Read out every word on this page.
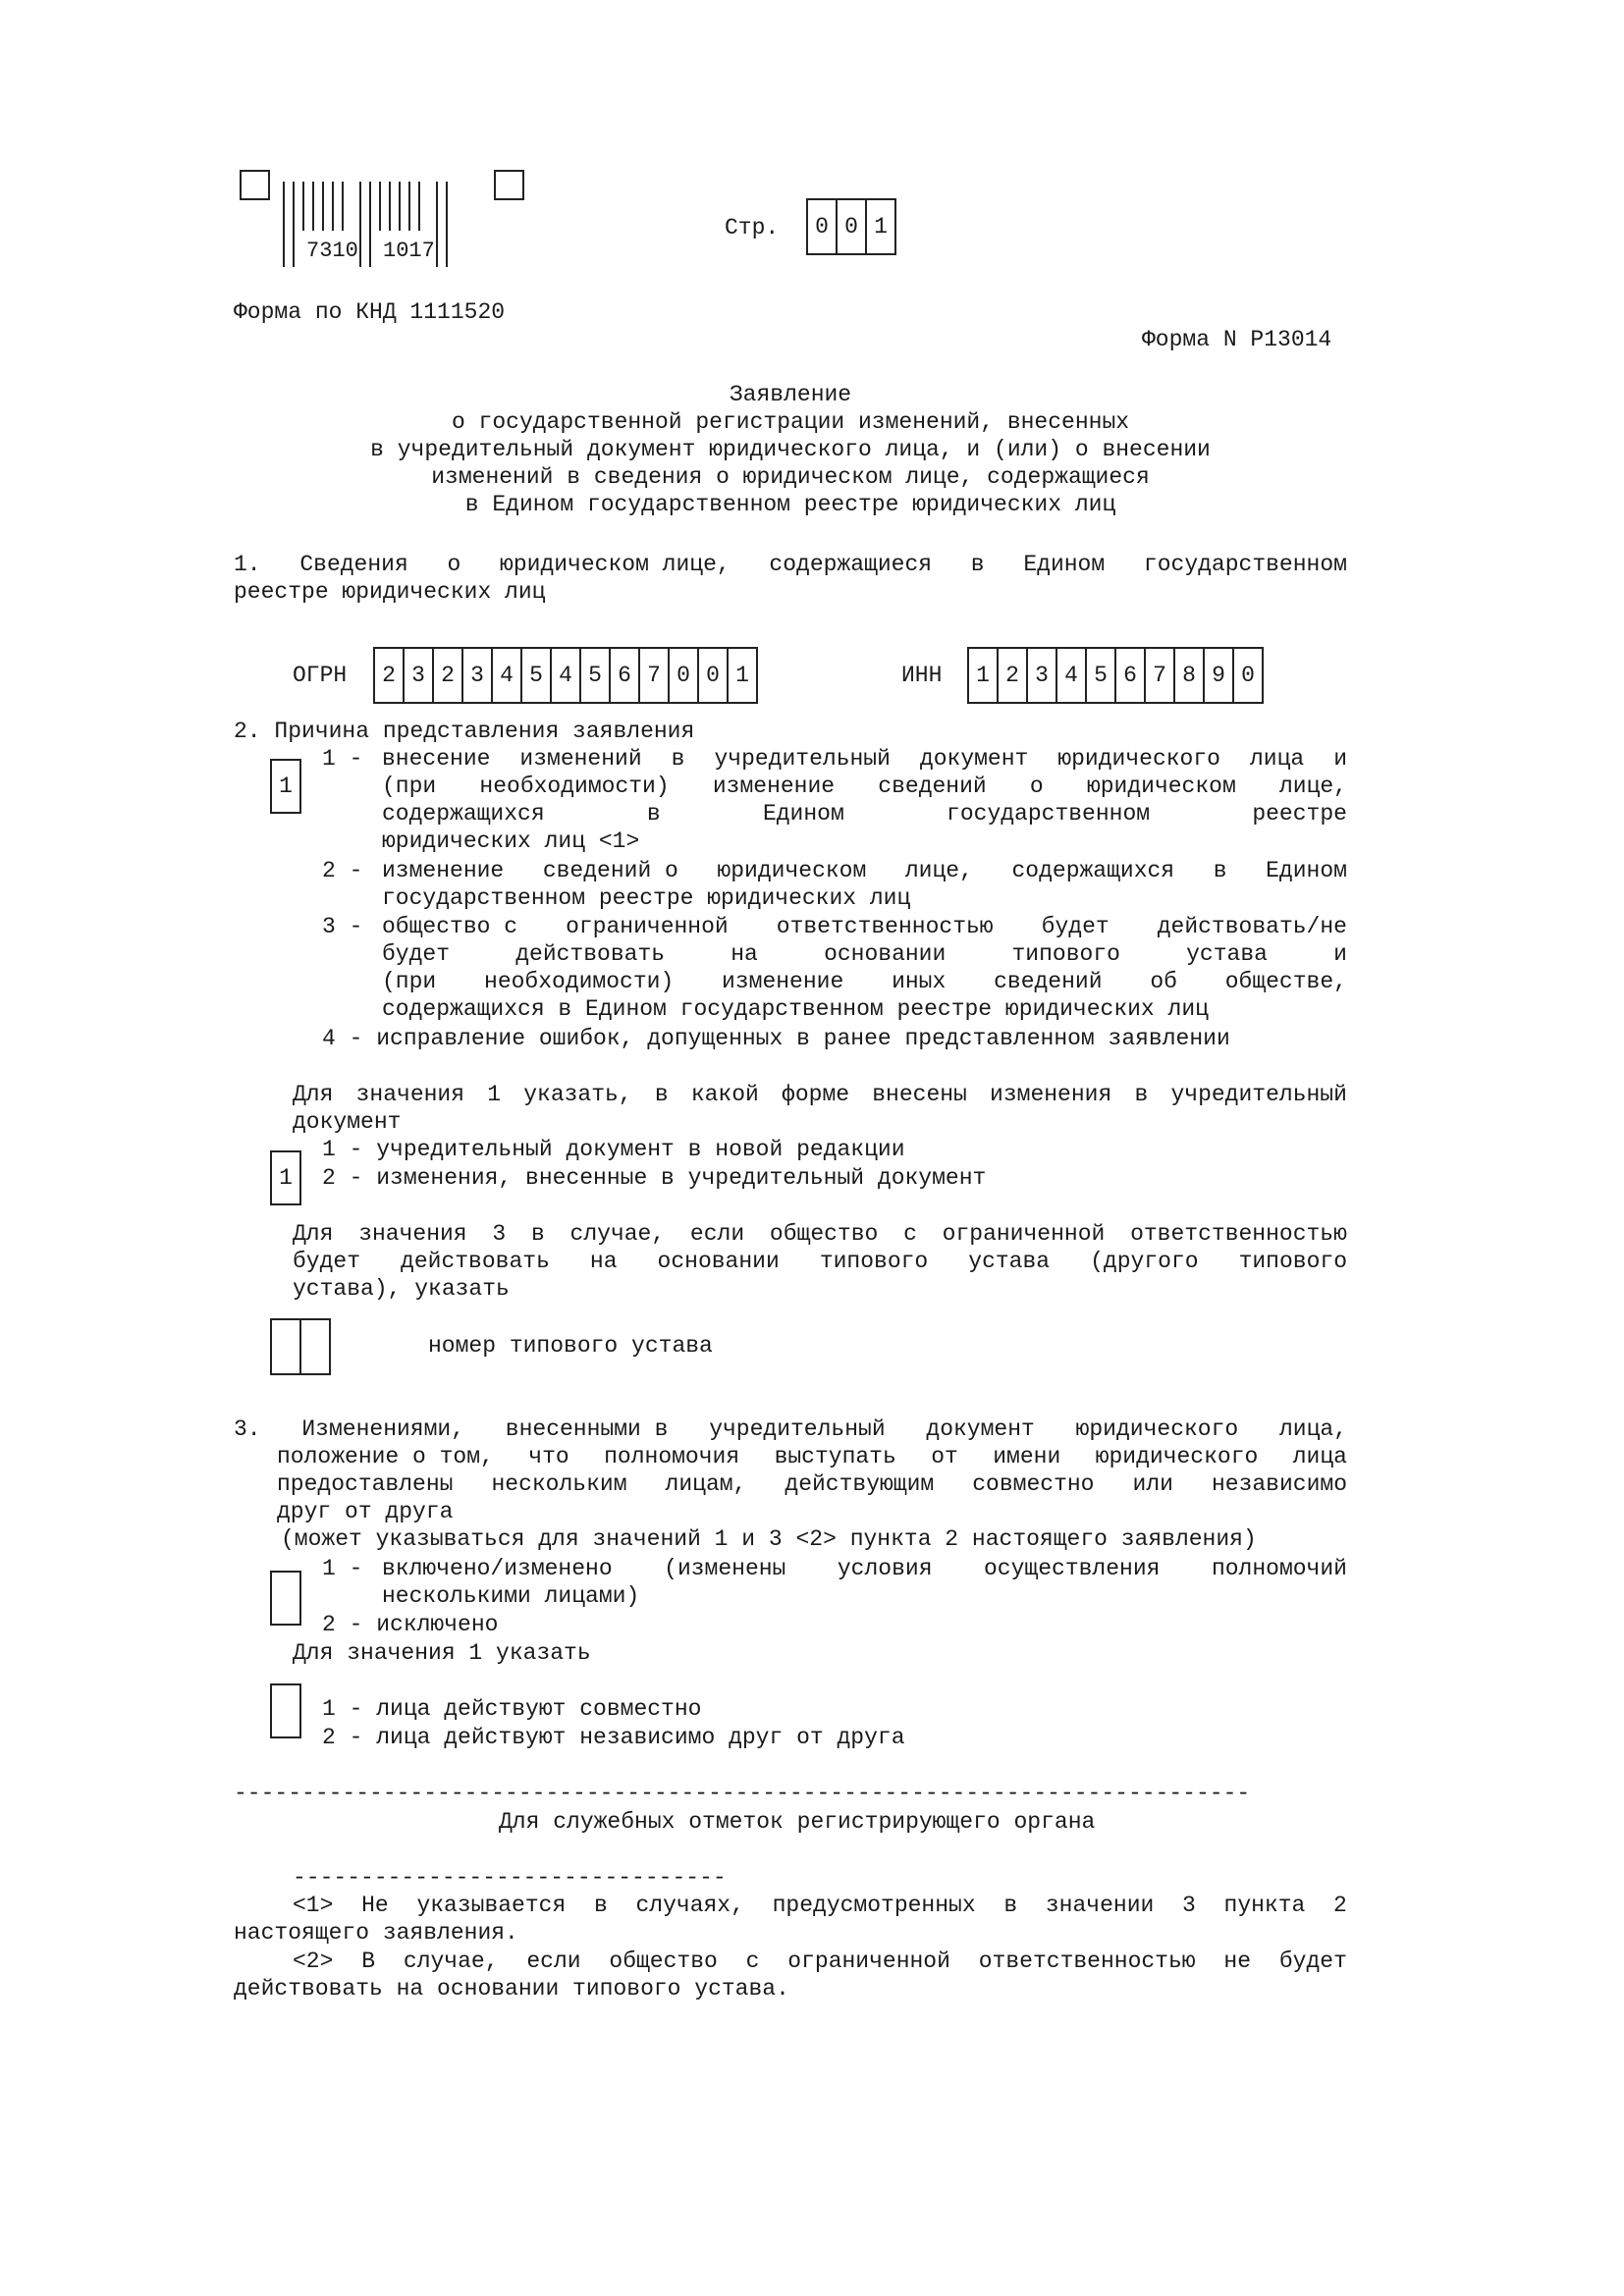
7310 1017
Стр.	0 0 1
Форма по КНД 1111520
Форма N Р13014
Заявление
о государственной регистрации изменений, внесенных
в учредительный документ юридического лица, и (или) о внесении
изменений в сведения о юридическом лице, содержащиеся
в Едином государственном реестре юридических лиц
1. Сведения о юридическом лице, содержащиеся в Едином государственном
реестре юридических лиц
ОГРН	2 3 2 3 4 5 4 5 6 7 0 0 1	ИНН	1 2 3 4 5 6 7 8 9 0
2. Причина представления заявления
1
1 - внесение изменений в учредительный документ юридического лица и
(при необходимости) изменение сведений о юридическом лице,
содержащихся	в	Едином	государственном	реестре
юридических лиц <1>
2 - изменение сведений о юридическом лице, содержащихся в Едином
государственном реестре юридических лиц
3 - общество с ограниченной ответственностью будет действовать/не
будет	действовать	на	основании	типового	устава	и
(при необходимости) изменение иных сведений об обществе,
содержащихся в Едином государственном реестре юридических лиц
4 - исправление ошибок, допущенных в ранее представленном заявлении
Для значения 1 указать, в какой форме внесены изменения в учредительный
документ
1
1 - учредительный документ в новой редакции
2 - изменения, внесенные в учредительный документ
Для значения 3 в случае, если общество с ограниченной ответственностью
будет действовать на основании типового устава (другого типового
устава), указать
номер типового устава
3. Изменениями, внесенными в учредительный документ юридического лица,
положение о том, что полномочия выступать от имени юридического лица
предоставлены нескольким лицам, действующим совместно или независимо
друг от друга
(может указываться для значений 1 и 3 <2> пункта 2 настоящего заявления)
1 - включено/изменено (изменены условия осуществления полномочий
несколькими лицами)
2 - исключено
Для значения 1 указать
1 - лица действуют совместно
2 - лица действуют независимо друг от друга
---------------------------------------------------------------------------
Для служебных отметок регистрирующего органа
--------------------------------
<1> Не указывается в случаях, предусмотренных в значении 3 пункта 2
настоящего заявления.
<2> В случае, если общество с ограниченной ответственностью не будет
действовать на основании типового устава.
